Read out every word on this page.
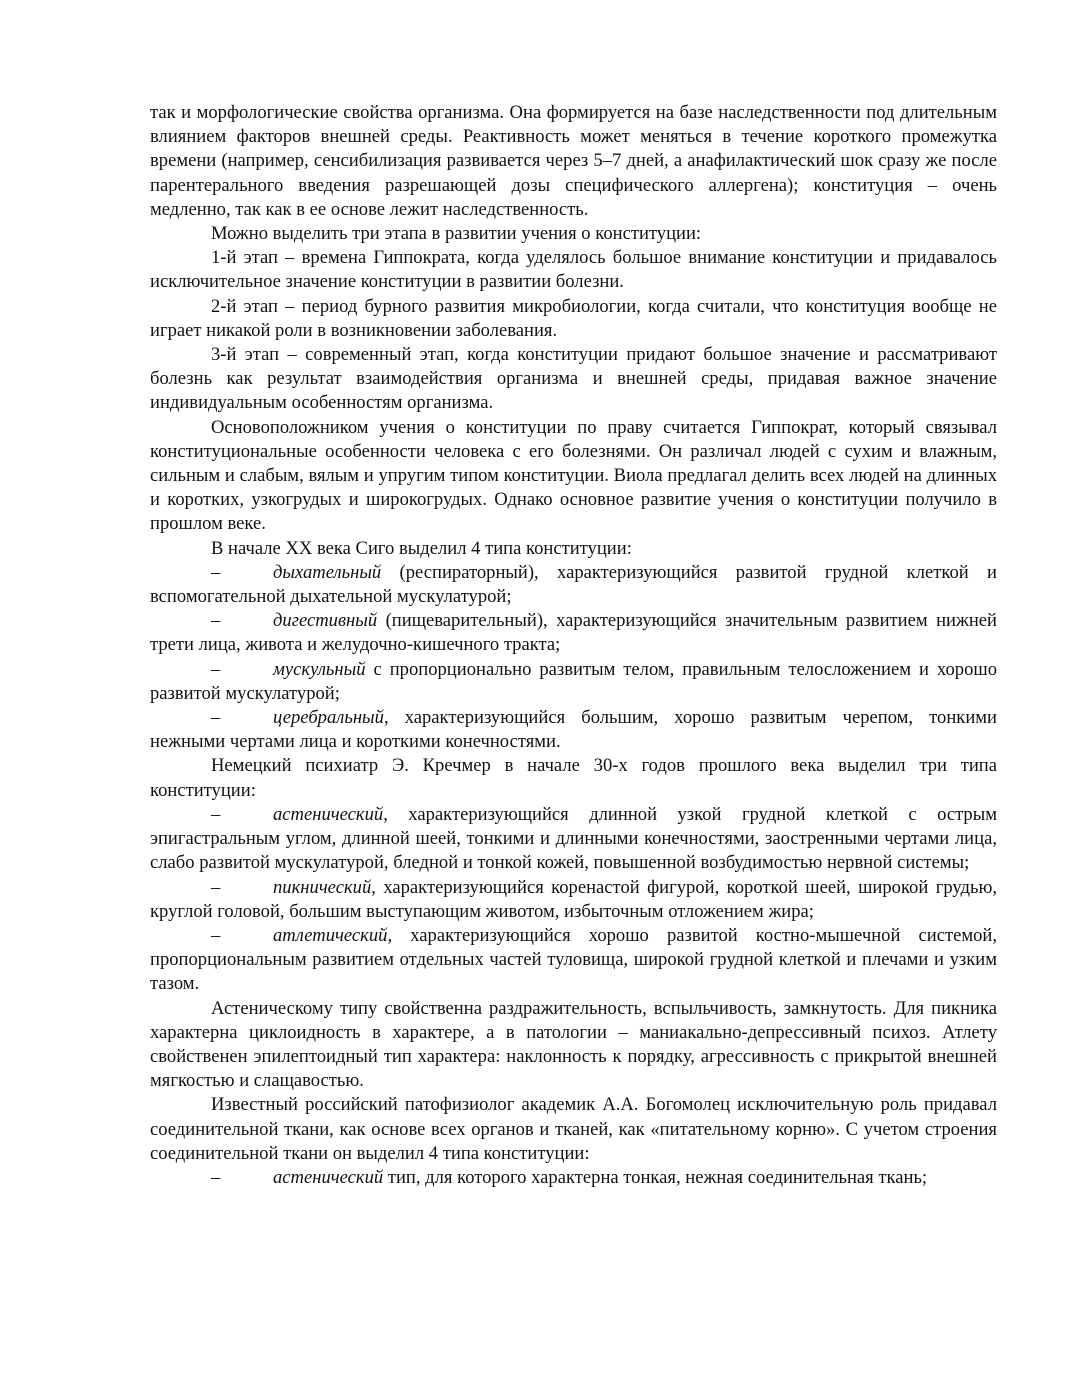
так и морфологические свойства организма. Она формируется на базе наследственности под длительным влиянием факторов внешней среды. Реактивность может меняться в течение короткого промежутка времени (например, сенсибилизация развивается через 5–7 дней, а анафилактический шок сразу же после парентерального введения разрешающей дозы специфического аллергена); конституция – очень медленно, так как в ее основе лежит наследственность.

Можно выделить три этапа в развитии учения о конституции:

1-й этап – времена Гиппократа, когда уделялось большое внимание конституции и придавалось исключительное значение конституции в развитии болезни.

2-й этап – период бурного развития микробиологии, когда считали, что конституция вообще не играет никакой роли в возникновении заболевания.

3-й этап – современный этап, когда конституции придают большое значение и рассматривают болезнь как результат взаимодействия организма и внешней среды, придавая важное значение индивидуальным особенностям организма.

Основоположником учения о конституции по праву считается Гиппократ, который связывал конституциональные особенности человека с его болезнями. Он различал людей с сухим и влажным, сильным и слабым, вялым и упругим типом конституции. Виола предлагал делить всех людей на длинных и коротких, узкогрудых и широкогрудых. Однако основное развитие учения о конституции получило в прошлом веке.

В начале XX века Сиго выделил 4 типа конституции:

–	дыхательный (респираторный), характеризующийся развитой грудной клеткой и вспомогательной дыхательной мускулатурой;

–	дигестивный (пищеварительный), характеризующийся значительным развитием нижней трети лица, живота и желудочно-кишечного тракта;

–	мускульный с пропорционально развитым телом, правильным телосложением и хорошо развитой мускулатурой;

–	церебральный, характеризующийся большим, хорошо развитым черепом, тонкими нежными чертами лица и короткими конечностями.

Немецкий психиатр Э. Кречмер в начале 30-х годов прошлого века выделил три типа конституции:

–	астенический, характеризующийся длинной узкой грудной клеткой с острым эпигастральным углом, длинной шеей, тонкими и длинными конечностями, заостренными чертами лица, слабо развитой мускулатурой, бледной и тонкой кожей, повышенной возбудимостью нервной системы;

–	пикнический, характеризующийся коренастой фигурой, короткой шеей, широкой грудью, круглой головой, большим выступающим животом, избыточным отложением жира;

–	атлетический, характеризующийся хорошо развитой костно-мышечной системой, пропорциональным развитием отдельных частей туловища, широкой грудной клеткой и плечами и узким тазом.

Астеническому типу свойственна раздражительность, вспыльчивость, замкнутость. Для пикника характерна циклоидность в характере, а в патологии – маниакально-депрессивный психоз. Атлету свойственен эпилептоидный тип характера: наклонность к порядку, агрессивность с прикрытой внешней мягкостью и слащавостью.

Известный российский патофизиолог академик А.А. Богомолец исключительную роль придавал соединительной ткани, как основе всех органов и тканей, как «питательному корню». С учетом строения соединительной ткани он выделил 4 типа конституции:

–	астенический тип, для которого характерна тонкая, нежная соединительная ткань;
